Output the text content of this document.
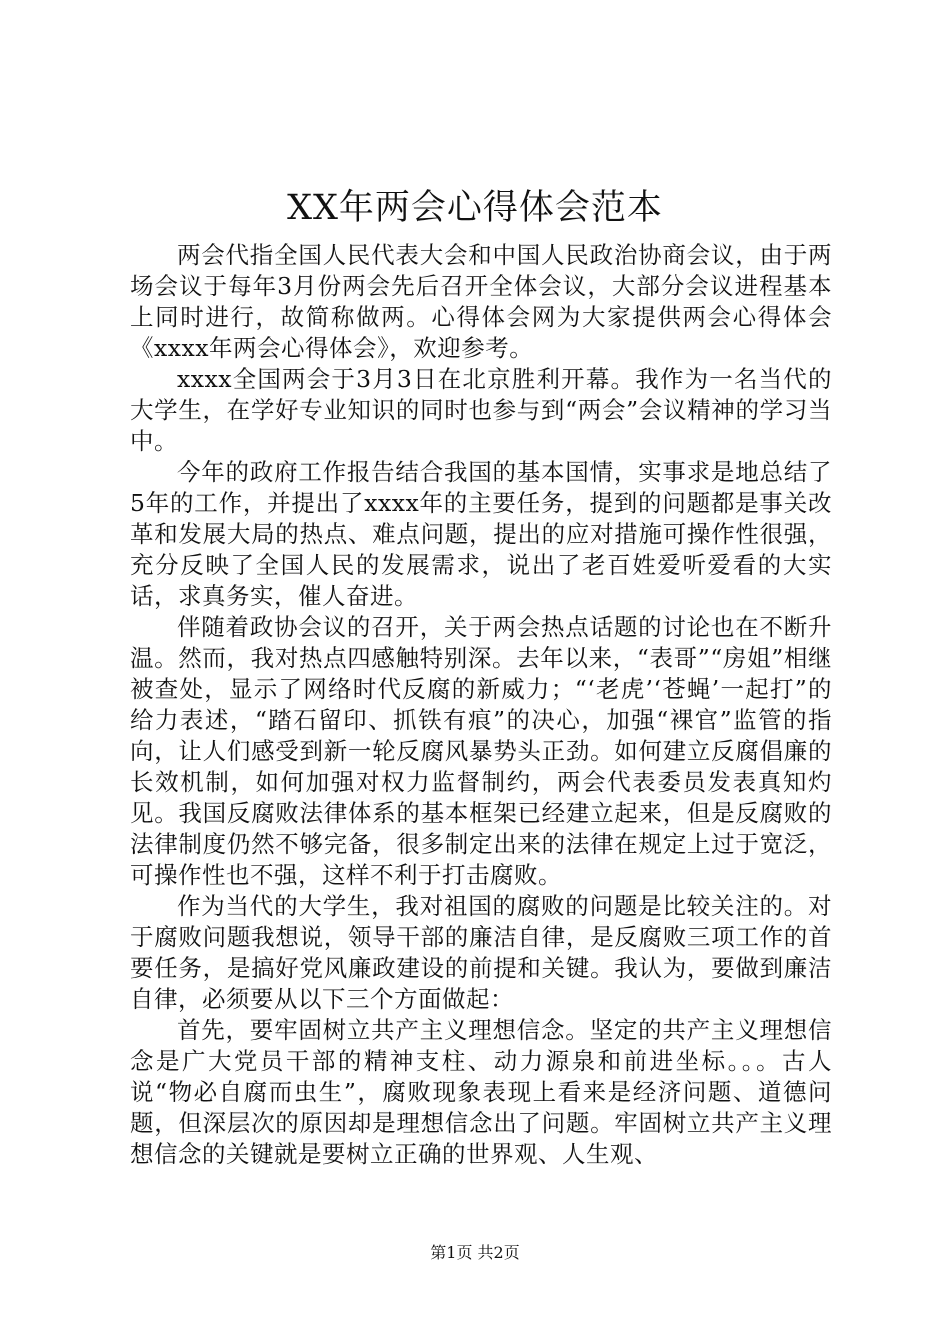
XX年两会心得体会范本

两会代指全国人民代表大会和中国人民政治协商会议，由于两场会议于每年3月份两会先后召开全体会议，大部分会议进程基本上同时进行，故简称做两。心得体会网为大家提供两会心得体会《xxxx年两会心得体会》，欢迎参考。

xxxx全国两会于3月3日在北京胜利开幕。我作为一名当代的大学生，在学好专业知识的同时也参与到“两会”会议精神的学习当中。

今年的政府工作报告结合我国的基本国情，实事求是地总结了5年的工作，并提出了xxxx年的主要任务，提到的问题都是事关改革和发展大局的热点、难点问题，提出的应对措施可操作性很强，充分反映了全国人民的发展需求，说出了老百姓爱听爱看的大实话，求真务实，催人奋进。

伴随着政协会议的召开，关于两会热点话题的讨论也在不断升温。然而，我对热点四感触特别深。去年以来，“表哥”“房姐”相继被查处，显示了网络时代反腐的新威力；“‘老虎’‘苍蝇’一起打”的给力表述，“踏石留印、抓铁有痕”的决心，加强“裸官”监管的指向，让人们感受到新一轮反腐风暴势头正劲。如何建立反腐倡廉的长效机制，如何加强对权力监督制约，两会代表委员发表真知灼见。我国反腐败法律体系的基本框架已经建立起来，但是反腐败的法律制度仍然不够完备，很多制定出来的法律在规定上过于宽泛，可操作性也不强，这样不利于打击腐败。

作为当代的大学生，我对祖国的腐败的问题是比较关注的。对于腐败问题我想说，领导干部的廉洁自律，是反腐败三项工作的首要任务，是搞好党风廉政建设的前提和关键。我认为，要做到廉洁自律，必须要从以下三个方面做起：

首先，要牢固树立共产主义理想信念。坚定的共产主义理想信念是广大党员干部的精神支柱、动力源泉和前进坐标。。。古人说“物必自腐而虫生”，腐败现象表现上看来是经济问题、道德问题，但深层次的原因却是理想信念出了问题。牢固树立共产主义理想信念的关键就是要树立正确的世界观、人生观、

第1页 共2页
